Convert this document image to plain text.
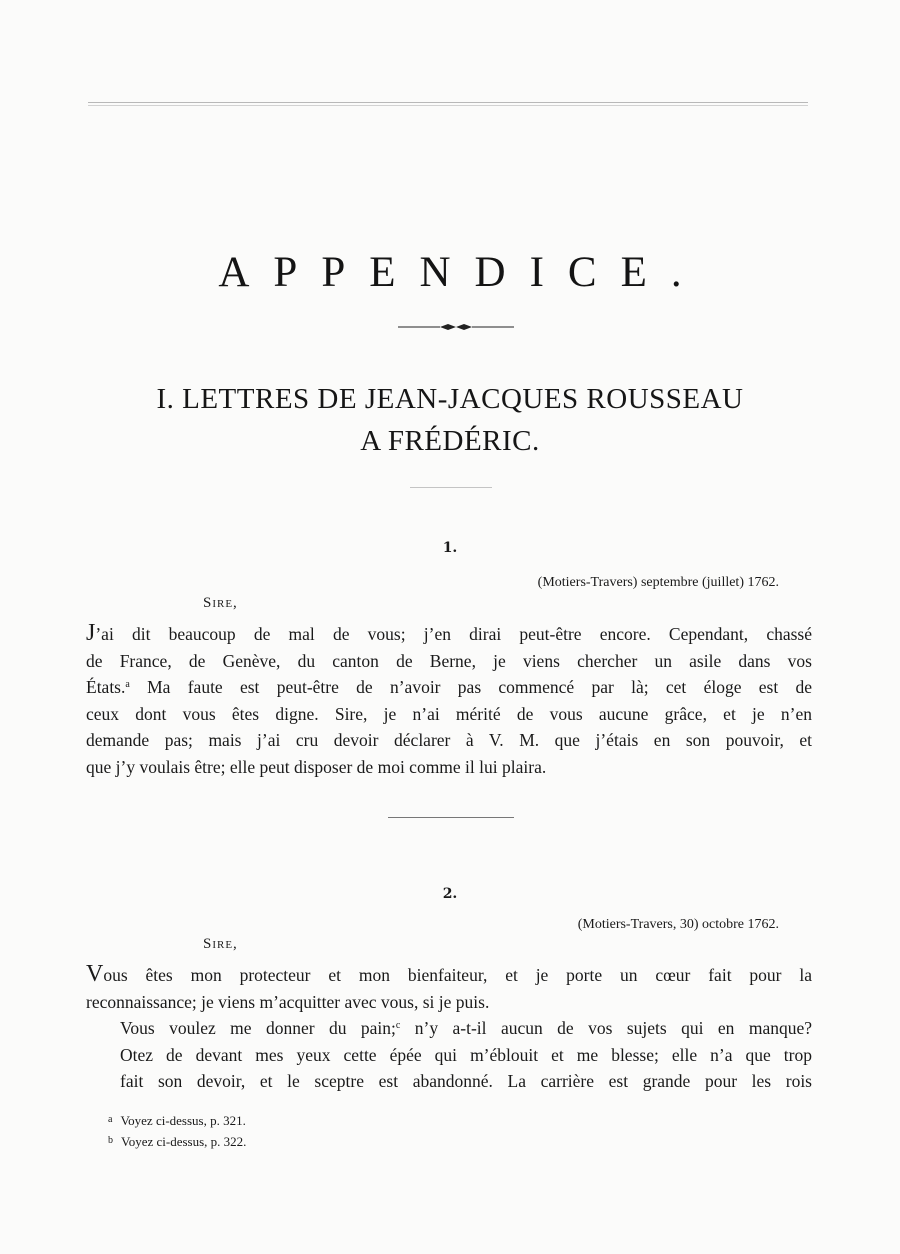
APPENDICE.
I. LETTRES DE JEAN-JACQUES ROUSSEAU
A FRÉDÉRIC.
1.
(Motiers-Travers) septembre (juillet) 1762.
Sire,

J’ai dit beaucoup de mal de vous; j’en dirai peut-être encore. Cependant, chassé
de France, de Genève, du canton de Berne, je viens chercher un asile dans vos
États.$^a$ Ma faute est peut-être de n’avoir pas commencé par là; cet éloge est de
ceux dont vous êtes digne. Sire, je n’ai mérité de vous aucune grâce, et je n’en
demande pas; mais j’ai cru devoir déclarer à V. M. que j’étais en son pouvoir, et
que j’y voulais être; elle peut disposer de moi comme il lui plaira.

2.
(Motiers-Travers, 30) octobre 1762.
Sire,

Vous êtes mon protecteur et mon bienfaiteur, et je porte un cœur fait pour la
reconnaissance; je viens m’acquitter avec vous, si je puis.

Vous voulez me donner du pain;$^c$ n’y a-t-il aucun de vos sujets qui en manque?
Otez de devant mes yeux cette épée qui m’éblouit et me blesse; elle n’a que trop
fait son devoir, et le sceptre est abandonné. La carrière est grande pour les rois

$^a$ Voyez ci-dessus, p. 321.
$^b$ Voyez ci-dessus, p. 322.
